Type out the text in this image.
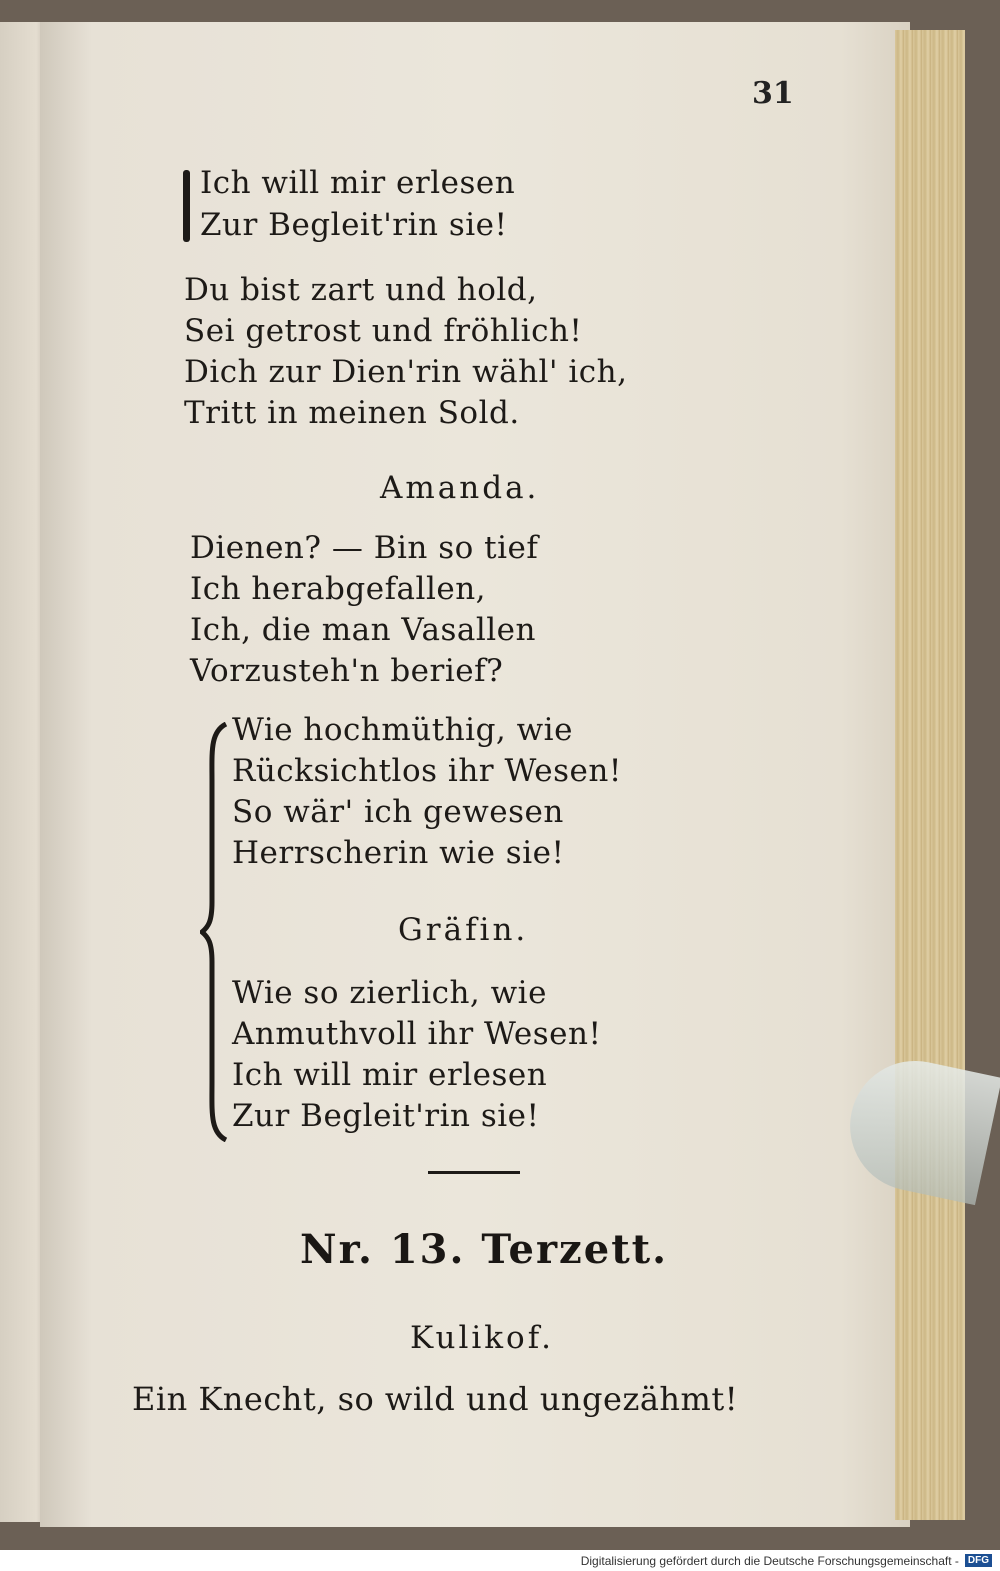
31
Ich will mir erlesen
Zur Begleit'rin sie!
Du bist zart und hold,
Sei getrost und fröhlich!
Dich zur Dien'rin wähl' ich,
Tritt in meinen Sold.
Amanda.
Dienen? — Bin so tief
Ich herabgefallen,
Ich, die man Vasallen
Vorzusteh'n berief?
Wie hochmüthig, wie
Rücksichtlos ihr Wesen!
So wär' ich gewesen
Herrscherin wie sie!
Gräfin.
Wie so zierlich, wie
Anmuthvoll ihr Wesen!
Ich will mir erlesen
Zur Begleit'rin sie!
Nr. 13. Terzett.
Kulikof.
Ein Knecht, so wild und ungezähmt!
Digitalisierung gefördert durch die Deutsche Forschungsgemeinschaft - DFG
